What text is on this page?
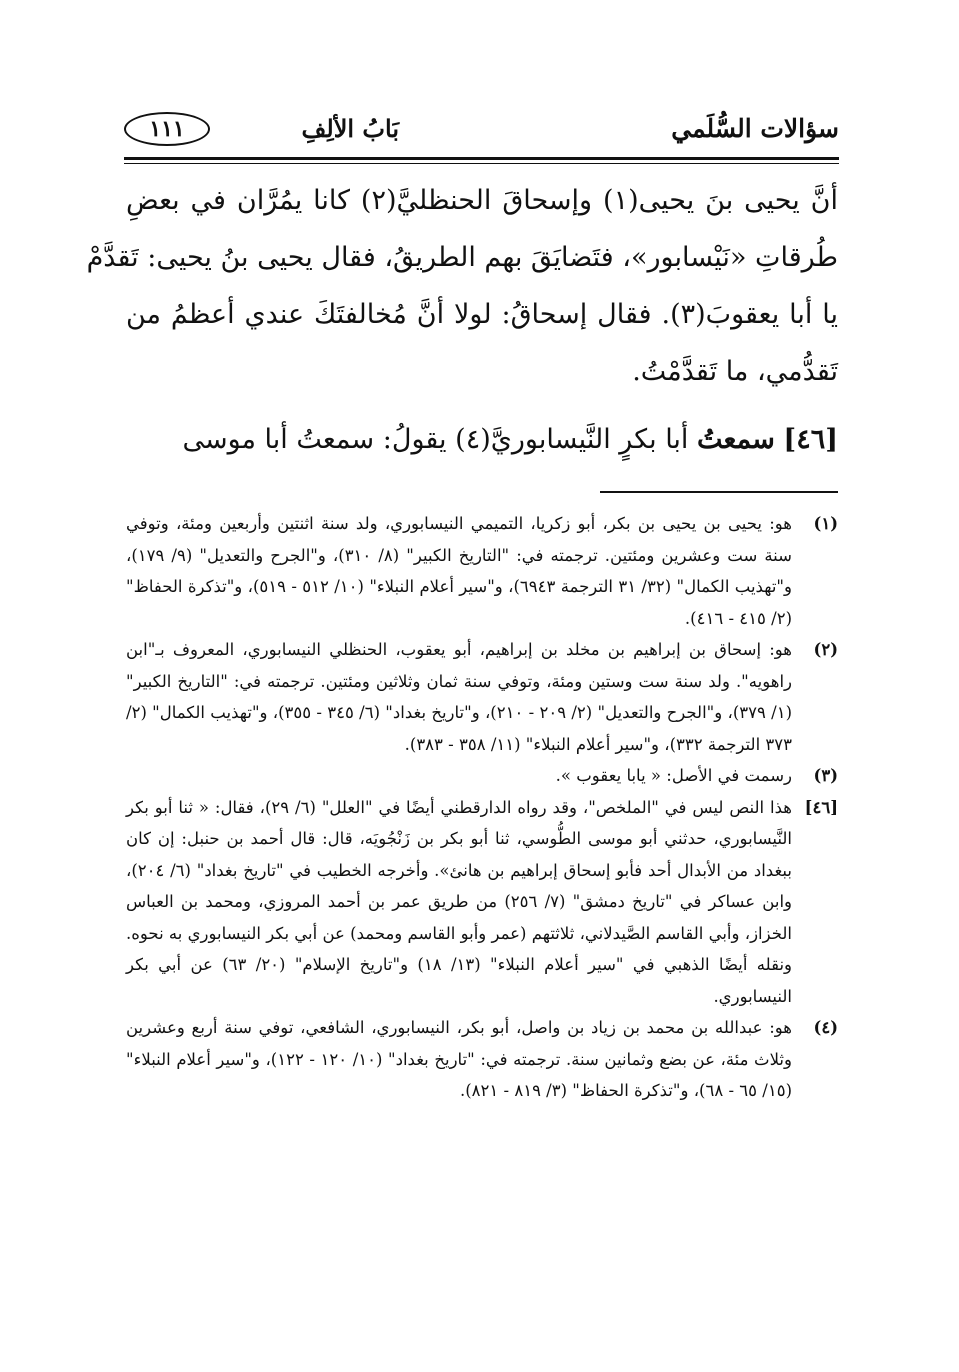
سؤالات السُّلَمي
بَابُ الألِفِ
١١١
أنَّ يحيى بنَ يحيى(١) وإسحاقَ الحنظليَّ(٢) كانا يمُرَّان في بعضِ
طُرقاتِ «نَيْسابور»، فتَضايَقَ بهم الطريقُ، فقال يحيى بنُ يحيى: تَقدَّمْ
يا أبا يعقوبَ(٣). فقال إسحاقُ: لولا أنَّ مُخالفتَكَ عندي أعظمُ من
تَقدُّمي، ما تَقدَّمْتُ.
[٤٦] سمعتُ أبا بكرٍ النَّيسابوريَّ(٤) يقولُ: سمعتُ أبا موسى
(١)
هو: يحيى بن يحيى بن بكر، أبو زكريا، التميمي النيسابوري، ولد سنة اثنتين وأربعين ومئة، وتوفي سنة ست وعشرين ومئتين. ترجمته في: "التاريخ الكبير" (٨/ ٣١٠)، و"الجرح والتعديل" (٩/ ١٧٩)، و"تهذيب الكمال" (٣٢/ ٣١ الترجمة ٦٩٤٣)، و"سير أعلام النبلاء" (١٠/ ٥١٢ - ٥١٩)، و"تذكرة الحفاظ" (٢/ ٤١٥ - ٤١٦).
(٢)
هو: إسحاق بن إبراهيم بن مخلد بن إبراهيم، أبو يعقوب، الحنظلي النيسابوري، المعروف بـ"ابن راهويه". ولد سنة ست وستين ومئة، وتوفي سنة ثمان وثلاثين ومئتين. ترجمته في: "التاريخ الكبير" (١/ ٣٧٩)، و"الجرح والتعديل" (٢/ ٢٠٩ - ٢١٠)، و"تاريخ بغداد" (٦/ ٣٤٥ - ٣٥٥)، و"تهذيب الكمال" (٢/ ٣٧٣ الترجمة ٣٣٢)، و"سير أعلام النبلاء" (١١/ ٣٥٨ - ٣٨٣).
(٣)
رسمت في الأصل: « يابا يعقوب ».
[٤٦]
هذا النص ليس في "الملخص"، وقد رواه الدارقطني أيضًا في "العلل" (٦/ ٢٩)، فقال: « ثنا أبو بكر النَّيسابوري، حدثني أبو موسى الطُّوسي، ثنا أبو بكر بن زَنْجُويَه، قال: قال أحمد بن حنبل: إن كان ببغداد من الأبدال أحد فأبو إسحاق إبراهيم بن هانئ». وأخرجه الخطيب في "تاريخ بغداد" (٦/ ٢٠٤)، وابن عساكر في "تاريخ دمشق" (٧/ ٢٥٦) من طريق عمر بن أحمد المروزي، ومحمد بن العباس الخزاز، وأبي القاسم الصَّيدلاني، ثلاثتهم (عمر وأبو القاسم ومحمد) عن أبي بكر النيسابوري به نحوه. ونقله أيضًا الذهبي في "سير أعلام النبلاء" (١٣/ ١٨) و"تاريخ الإسلام" (٢٠/ ٦٣) عن أبي بكر النيسابوري.
(٤)
هو: عبدالله بن محمد بن زياد بن واصل، أبو بكر، النيسابوري، الشافعي، توفي سنة أربع وعشرين وثلاث مئة، عن بضع وثمانين سنة. ترجمته في: "تاريخ بغداد" (١٠/ ١٢٠ - ١٢٢)، و"سير أعلام النبلاء" (١٥/ ٦٥ - ٦٨)، و"تذكرة الحفاظ" (٣/ ٨١٩ - ٨٢١).
